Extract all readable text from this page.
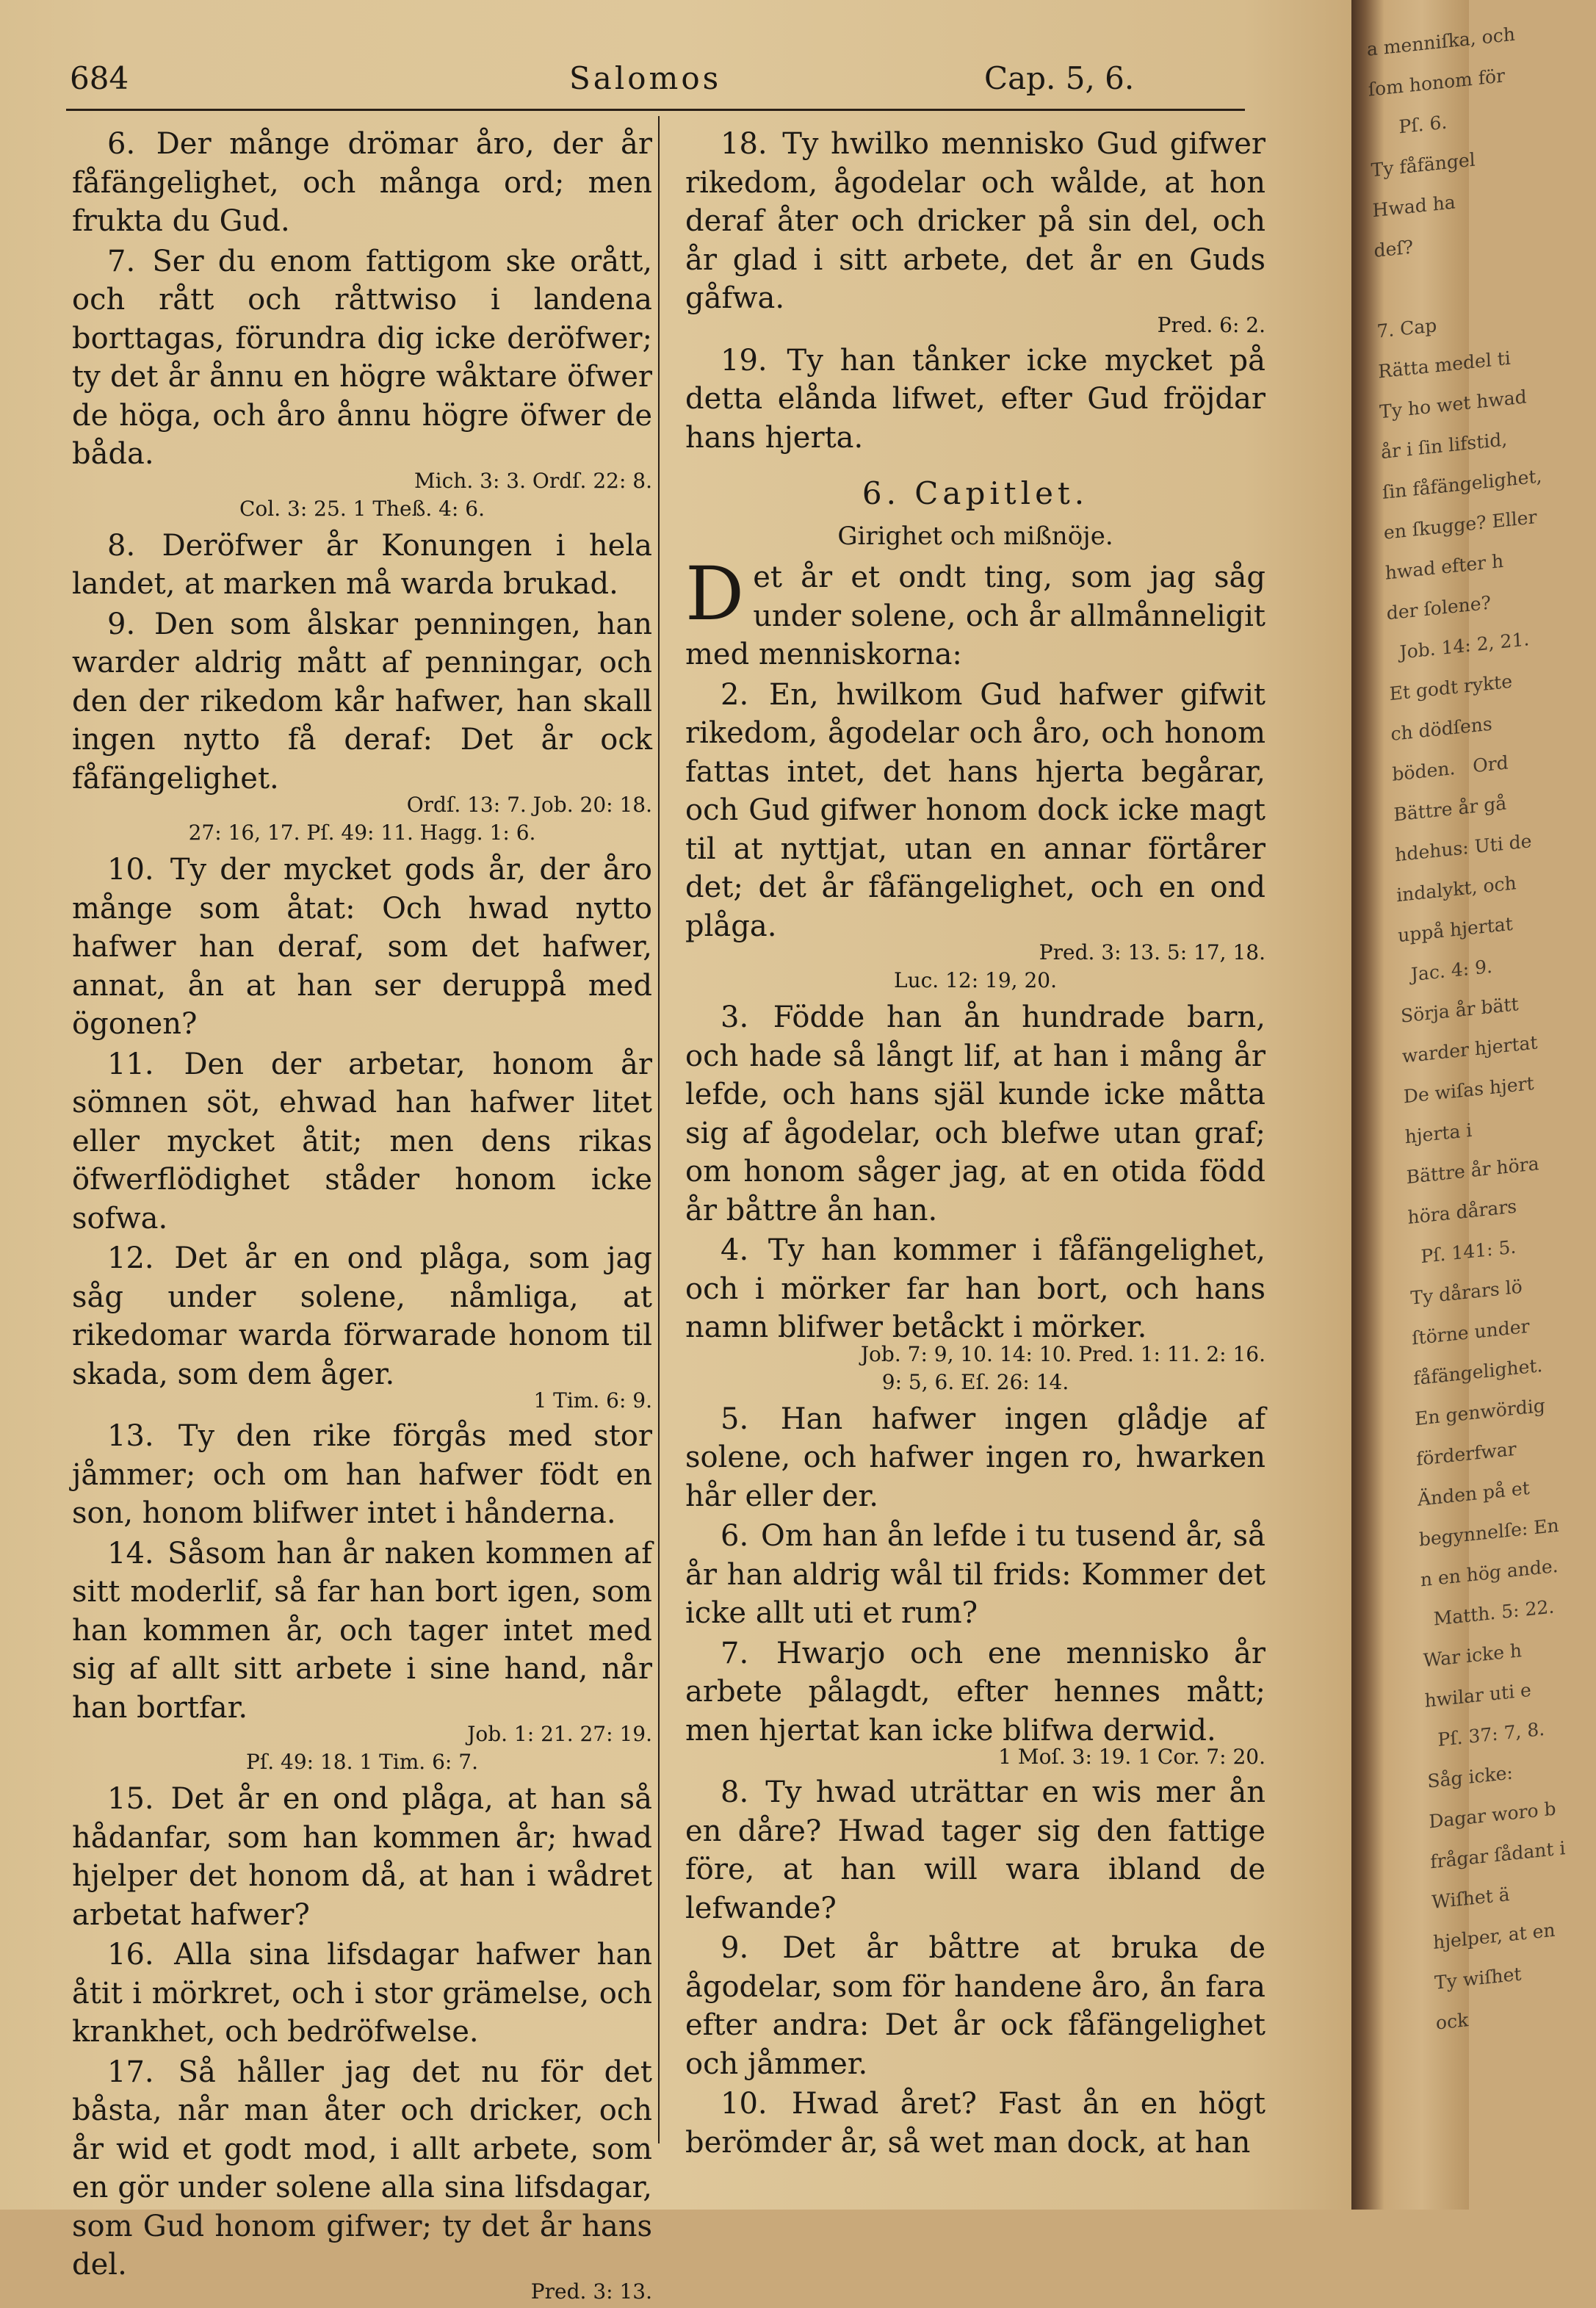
684	Salomos	Cap. 5, 6.

6. Der månge drömar åro, der år fåfängelighet, och många ord; men frukta du Gud.

7. Ser du enom fattigom ske orått, och rått och råttwiso i landena borttagas, förundra dig icke deröfwer; ty det år ånnu en högre wåktare öfwer de höga, och åro ånnu högre öfwer de båda.

Mich. 3: 3. Ordſ. 22: 8.
Col. 3: 25. 1 Theß. 4: 6.

8. Deröfwer år Konungen i hela landet, at marken må warda brukad.

9. Den som ålskar penningen, han warder aldrig mått af penningar, och den der rikedom kår hafwer, han skall ingen nytto få deraf: Det år ock fåfängelighet.

Ordſ. 13: 7. Job. 20: 18.
27: 16, 17. Pſ. 49: 11. Hagg. 1: 6.

10. Ty der mycket gods år, der åro månge som åtat: Och hwad nytto hafwer han deraf, som det hafwer, annat, ån at han ser deruppå med ögonen?

11. Den der arbetar, honom år sömnen söt, ehwad han hafwer litet eller mycket åtit; men dens rikas öfwerflödighet ståder honom icke sofwa.

12. Det år en ond plåga, som jag såg under solene, nåmliga, at rikedomar warda förwarade honom til skada, som dem åger.

1 Tim. 6: 9.

13. Ty den rike förgås med stor jåmmer; och om han hafwer födt en son, honom blifwer intet i hånderna.

14. Såsom han år naken kommen af sitt moderlif, så far han bort igen, som han kommen år, och tager intet med sig af allt sitt arbete i sine hand, når han bortfar.

Job. 1: 21. 27: 19.
Pſ. 49: 18. 1 Tim. 6: 7.

15. Det år en ond plåga, at han så hådanfar, som han kommen år; hwad hjelper det honom då, at han i wådret arbetat hafwer?

16. Alla sina lifsdagar hafwer han åtit i mörkret, och i stor grämelse, och krankhet, och bedröfwelse.

17. Så håller jag det nu för det båsta, når man åter och dricker, och år wid et godt mod, i allt arbete, som en gör under solene alla sina lifsdagar, som Gud honom gifwer; ty det år hans del.

Pred. 3: 13.

18. Ty hwilko mennisko Gud gifwer rikedom, ågodelar och wålde, at hon deraf åter och dricker på sin del, och år glad i sitt arbete, det år en Guds gåfwa.

Pred. 6: 2.

19. Ty han tånker icke mycket på detta elånda lifwet, efter Gud fröjdar hans hjerta.

6. Capitlet.
Girighet och mißnöje.

D et år et ondt ting, som jag såg under solene, och år allmånneligit med menniskorna:

2. En, hwilkom Gud hafwer gifwit rikedom, ågodelar och åro, och honom fattas intet, det hans hjerta begårar, och Gud gifwer honom dock icke magt til at nyttjat, utan en annar förtårer det; det år fåfängelighet, och en ond plåga.

Pred. 3: 13. 5: 17, 18.
Luc. 12: 19, 20.

3. Födde han ån hundrade barn, och hade så långt lif, at han i mång år lefde, och hans själ kunde icke måtta sig af ågodelar, och blefwe utan graf; om honom såger jag, at en otida född år båttre ån han.

4. Ty han kommer i fåfängelighet, och i mörker far han bort, och hans namn blifwer betåckt i mörker.

Job. 7: 9, 10. 14: 10. Pred. 1: 11. 2: 16.
9: 5, 6. Eſ. 26: 14.

5. Han hafwer ingen glådje af solene, och hafwer ingen ro, hwarken hår eller der.

6. Om han ån lefde i tu tusend år, så år han aldrig wål til frids: Kommer det icke allt uti et rum?

7. Hwarjo och ene mennisko år arbete pålagdt, efter hennes mått; men hjertat kan icke blifwa derwid.

1 Moſ. 3: 19. 1 Cor. 7: 20.

8. Ty hwad uträttar en wis mer ån en dåre? Hwad tager sig den fattige före, at han will wara ibland de lefwande?

9. Det år båttre at bruka de ågodelar, som för handene åro, ån fara efter andra: Det år ock fåfängelighet och jåmmer.

10. Hwad året? Fast ån en högt berömder år, så wet man dock, at han

a menniſka, och
ſom honom för
Pſ. 6.
Ty fåfängel
Hwad ha
deſ?

7. Cap
Rätta medel ti
Ty ho wet hwad
år i ſin lifstid,
ſin fåfängelighet,
en ſkugge? Eller
hwad efter h
der ſolene?
Job. 14: 2, 21.
Et godt rykte
ch dödſens
böden.   Ord
Bättre år gå
hdehus: Uti de
indalykt, och
uppå hjertat
Jac. 4: 9.
Sörja år bätt
warder hjertat
De wiſas hjert
hjerta i
Bättre år höra
höra dårars
Pſ. 141: 5.
Ty dårars lö
ſtörne under
fåfängelighet.
En genwördig
förderfwar
Änden på et
begynnelſe: En
n en hög ande.
Matth. 5: 22.
War icke h
hwilar uti e
Pſ. 37: 7, 8.
Såg icke:
Dagar woro b
frågar ſådant i
Wiſhet ä
hjelper, at en
Ty wiſhet
ock
